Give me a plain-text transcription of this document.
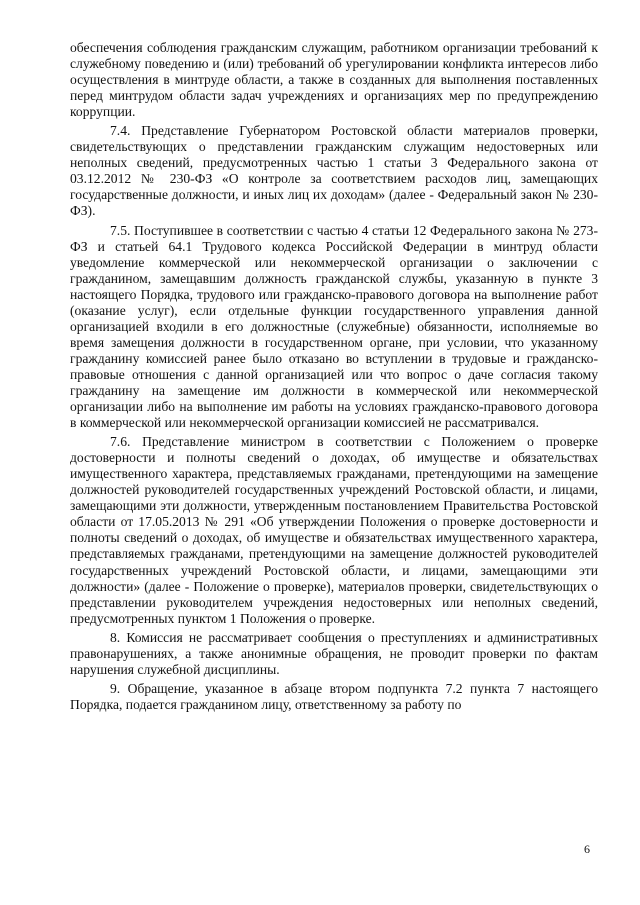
обеспечения соблюдения гражданским служащим, работником организации требований к служебному поведению и (или) требований об урегулировании конфликта интересов либо осуществления в минтруде области, а также в созданных для выполнения поставленных перед минтрудом области задач учреждениях и организациях мер по предупреждению коррупции.

7.4. Представление Губернатором Ростовской области материалов проверки, свидетельствующих о представлении гражданским служащим недостоверных или неполных сведений, предусмотренных частью 1 статьи 3 Федерального закона от 03.12.2012 № 230-ФЗ «О контроле за соответствием расходов лиц, замещающих государственные должности, и иных лиц их доходам» (далее - Федеральный закон № 230-ФЗ).

7.5. Поступившее в соответствии с частью 4 статьи 12 Федерального закона № 273-ФЗ и статьей 64.1 Трудового кодекса Российской Федерации в минтруд области уведомление коммерческой или некоммерческой организации о заключении с гражданином, замещавшим должность гражданской службы, указанную в пункте 3 настоящего Порядка, трудового или гражданско-правового договора на выполнение работ (оказание услуг), если отдельные функции государственного управления данной организацией входили в его должностные (служебные) обязанности, исполняемые во время замещения должности в государственном органе, при условии, что указанному гражданину комиссией ранее было отказано во вступлении в трудовые и гражданско-правовые отношения с данной организацией или что вопрос о даче согласия такому гражданину на замещение им должности в коммерческой или некоммерческой организации либо на выполнение им работы на условиях гражданско-правового договора в коммерческой или некоммерческой организации комиссией не рассматривался.

7.6. Представление министром в соответствии с Положением о проверке достоверности и полноты сведений о доходах, об имуществе и обязательствах имущественного характера, представляемых гражданами, претендующими на замещение должностей руководителей государственных учреждений Ростовской области, и лицами, замещающими эти должности, утвержденным постановлением Правительства Ростовской области от 17.05.2013 № 291 «Об утверждении Положения о проверке достоверности и полноты сведений о доходах, об имуществе и обязательствах имущественного характера, представляемых гражданами, претендующими на замещение должностей руководителей государственных учреждений Ростовской области, и лицами, замещающими эти должности» (далее - Положение о проверке), материалов проверки, свидетельствующих о представлении руководителем учреждения недостоверных или неполных сведений, предусмотренных пунктом 1 Положения о проверке.

8. Комиссия не рассматривает сообщения о преступлениях и административных правонарушениях, а также анонимные обращения, не проводит проверки по фактам нарушения служебной дисциплины.

9. Обращение, указанное в абзаце втором подпункта 7.2 пункта 7 настоящего Порядка, подается гражданином лицу, ответственному за работу по

6
